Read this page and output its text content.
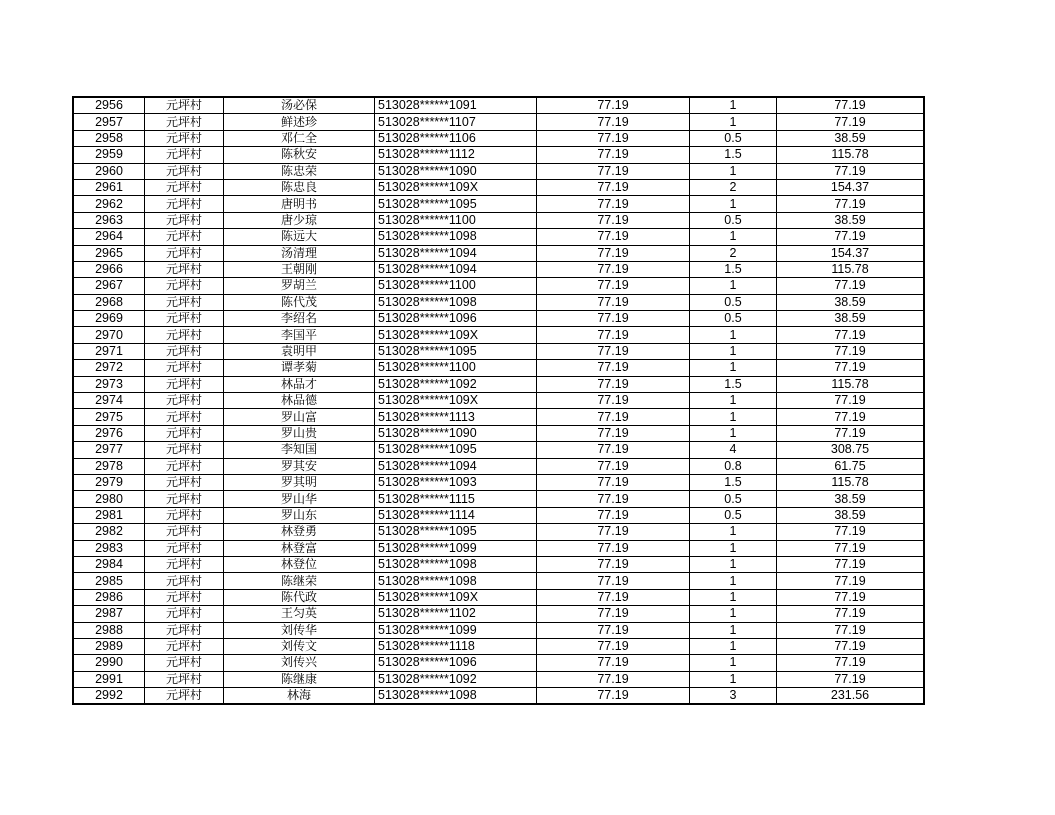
2956	元坪村	汤必保	513028******1091	77.19	1	77.19
2957	元坪村	鲜述珍	513028******1107	77.19	1	77.19
2958	元坪村	邓仁全	513028******1106	77.19	0.5	38.59
2959	元坪村	陈秋安	513028******1112	77.19	1.5	115.78
2960	元坪村	陈忠荣	513028******1090	77.19	1	77.19
2961	元坪村	陈忠良	513028******109X	77.19	2	154.37
2962	元坪村	唐明书	513028******1095	77.19	1	77.19
2963	元坪村	唐少琼	513028******1100	77.19	0.5	38.59
2964	元坪村	陈远大	513028******1098	77.19	1	77.19
2965	元坪村	汤清理	513028******1094	77.19	2	154.37
2966	元坪村	王朝刚	513028******1094	77.19	1.5	115.78
2967	元坪村	罗胡兰	513028******1100	77.19	1	77.19
2968	元坪村	陈代茂	513028******1098	77.19	0.5	38.59
2969	元坪村	李绍名	513028******1096	77.19	0.5	38.59
2970	元坪村	李国平	513028******109X	77.19	1	77.19
2971	元坪村	袁明甲	513028******1095	77.19	1	77.19
2972	元坪村	谭孝菊	513028******1100	77.19	1	77.19
2973	元坪村	林品才	513028******1092	77.19	1.5	115.78
2974	元坪村	林品德	513028******109X	77.19	1	77.19
2975	元坪村	罗山富	513028******1113	77.19	1	77.19
2976	元坪村	罗山贵	513028******1090	77.19	1	77.19
2977	元坪村	李知国	513028******1095	77.19	4	308.75
2978	元坪村	罗其安	513028******1094	77.19	0.8	61.75
2979	元坪村	罗其明	513028******1093	77.19	1.5	115.78
2980	元坪村	罗山华	513028******1115	77.19	0.5	38.59
2981	元坪村	罗山东	513028******1114	77.19	0.5	38.59
2982	元坪村	林登勇	513028******1095	77.19	1	77.19
2983	元坪村	林登富	513028******1099	77.19	1	77.19
2984	元坪村	林登位	513028******1098	77.19	1	77.19
2985	元坪村	陈继荣	513028******1098	77.19	1	77.19
2986	元坪村	陈代政	513028******109X	77.19	1	77.19
2987	元坪村	王匀英	513028******1102	77.19	1	77.19
2988	元坪村	刘传华	513028******1099	77.19	1	77.19
2989	元坪村	刘传文	513028******1118	77.19	1	77.19
2990	元坪村	刘传兴	513028******1096	77.19	1	77.19
2991	元坪村	陈继康	513028******1092	77.19	1	77.19
2992	元坪村	林海	513028******1098	77.19	3	231.56
